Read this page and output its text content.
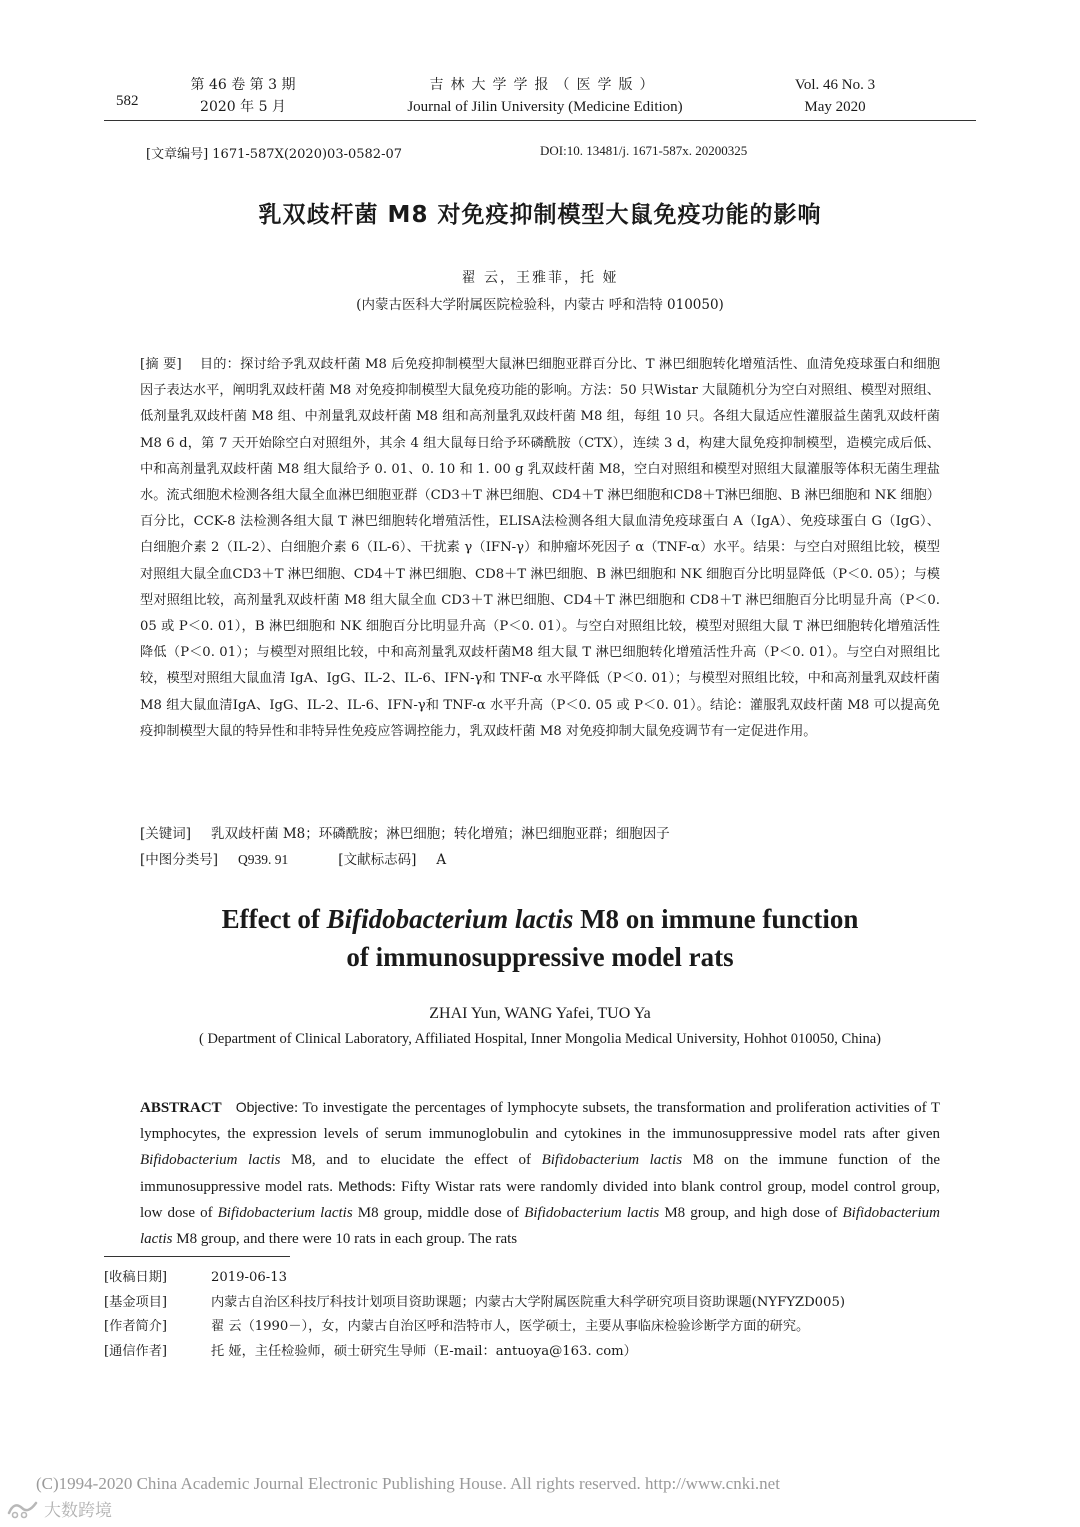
第 46 卷 第 3 期
2020 年 5 月
582
吉林大学学报（医学版）
Journal of Jilin University (Medicine Edition)
Vol. 46 No. 3
May 2020
[文章编号] 1671-587Ⅹ(2020)03-0582-07	DOI:10. 13481/j. 1671-587x. 20200325
乳双歧杆菌 M8 对免疫抑制模型大鼠免疫功能的影响
翟 云，王雅菲，托 娅
(内蒙古医科大学附属医院检验科，内蒙古 呼和浩特 010050)
[摘 要] 目的：探讨给予乳双歧杆菌 M8 后免疫抑制模型大鼠淋巴细胞亚群百分比、T 淋巴细胞转化增殖活性、血清免疫球蛋白和细胞因子表达水平，阐明乳双歧杆菌 M8 对免疫抑制模型大鼠免疫功能的影响。方法：50 只Wistar 大鼠随机分为空白对照组、模型对照组、低剂量乳双歧杆菌 M8 组、中剂量乳双歧杆菌 M8 组和高剂量乳双歧杆菌 M8 组，每组 10 只。各组大鼠适应性灌服益生菌乳双歧杆菌 M8 6 d，第 7 天开始除空白对照组外，其余 4 组大鼠每日给予环磷酰胺（CTX），连续 3 d，构建大鼠免疫抑制模型，造模完成后低、中和高剂量乳双歧杆菌 M8 组大鼠给予 0. 01、0. 10 和 1. 00 g 乳双歧杆菌 M8，空白对照组和模型对照组大鼠灌服等体积无菌生理盐水。流式细胞术检测各组大鼠全血淋巴细胞亚群（CD3＋T 淋巴细胞、CD4＋T 淋巴细胞和CD8＋T淋巴细胞、B 淋巴细胞和 NK 细胞）百分比，CCK-8 法检测各组大鼠 T 淋巴细胞转化增殖活性，ELISA法检测各组大鼠血清免疫球蛋白 A（IgA）、免疫球蛋白 G（IgG）、白细胞介素 2（IL-2）、白细胞介素 6（IL-6）、干扰素 γ（IFN-γ）和肿瘤坏死因子 α（TNF-α）水平。结果：与空白对照组比较，模型对照组大鼠全血CD3＋T 淋巴细胞、CD4＋T 淋巴细胞、CD8＋T 淋巴细胞、B 淋巴细胞和 NK 细胞百分比明显降低（P＜0. 05）；与模型对照组比较，高剂量乳双歧杆菌 M8 组大鼠全血 CD3＋T 淋巴细胞、CD4＋T 淋巴细胞和 CD8＋T 淋巴细胞百分比明显升高（P＜0. 05 或 P＜0. 01），B 淋巴细胞和 NK 细胞百分比明显升高（P＜0. 01）。与空白对照组比较，模型对照组大鼠 T 淋巴细胞转化增殖活性降低（P＜0. 01）；与模型对照组比较，中和高剂量乳双歧杆菌M8 组大鼠 T 淋巴细胞转化增殖活性升高（P＜0. 01）。与空白对照组比较，模型对照组大鼠血清 IgA、IgG、IL-2、IL-6、IFN-γ和 TNF-α 水平降低（P＜0. 01）；与模型对照组比较，中和高剂量乳双歧杆菌 M8 组大鼠血清IgA、IgG、IL-2、IL-6、IFN-γ和 TNF-α 水平升高（P＜0. 05 或 P＜0. 01）。结论：灌服乳双歧杆菌 M8 可以提高免疫抑制模型大鼠的特异性和非特异性免疫应答调控能力，乳双歧杆菌 M8 对免疫抑制大鼠免疫调节有一定促进作用。
[关键词] 乳双歧杆菌 M8；环磷酰胺；淋巴细胞；转化增殖；淋巴细胞亚群；细胞因子
[中图分类号] Q939. 91	[文献标志码] A
Effect of Bifidobacterium lactis M8 on immune function
of immunosuppressive model rats
ZHAI Yun, WANG Yafei, TUO Ya
( Department of Clinical Laboratory, Affiliated Hospital, Inner Mongolia Medical University, Hohhot 010050, China)
ABSTRACT Objective: To investigate the percentages of lymphocyte subsets, the transformation and proliferation activities of T lymphocytes, the expression levels of serum immunoglobulin and cytokines in the immunosuppressive model rats after given Bifidobacterium lactis M8, and to elucidate the effect of Bifidobacterium lactis M8 on the immune function of the immunosuppressive model rats. Methods: Fifty Wistar rats were randomly divided into blank control group, model control group, low dose of Bifidobacterium lactis M8 group, middle dose of Bifidobacterium lactis M8 group, and high dose of Bifidobacterium lactis M8 group, and there were 10 rats in each group. The rats
[收稿日期]	2019-06-13
[基金项目]	内蒙古自治区科技厅科技计划项目资助课题；内蒙古大学附属医院重大科学研究项目资助课题(NYFYZD005)
[作者简介]	翟 云（1990－），女，内蒙古自治区呼和浩特市人，医学硕士，主要从事临床检验诊断学方面的研究。
[通信作者]	托 娅，主任检验师，硕士研究生导师（E-mail：antuoya@163. com）
(C)1994-2020 China Academic Journal Electronic Publishing House. All rights reserved. http://www.cnki.net
大数跨境
